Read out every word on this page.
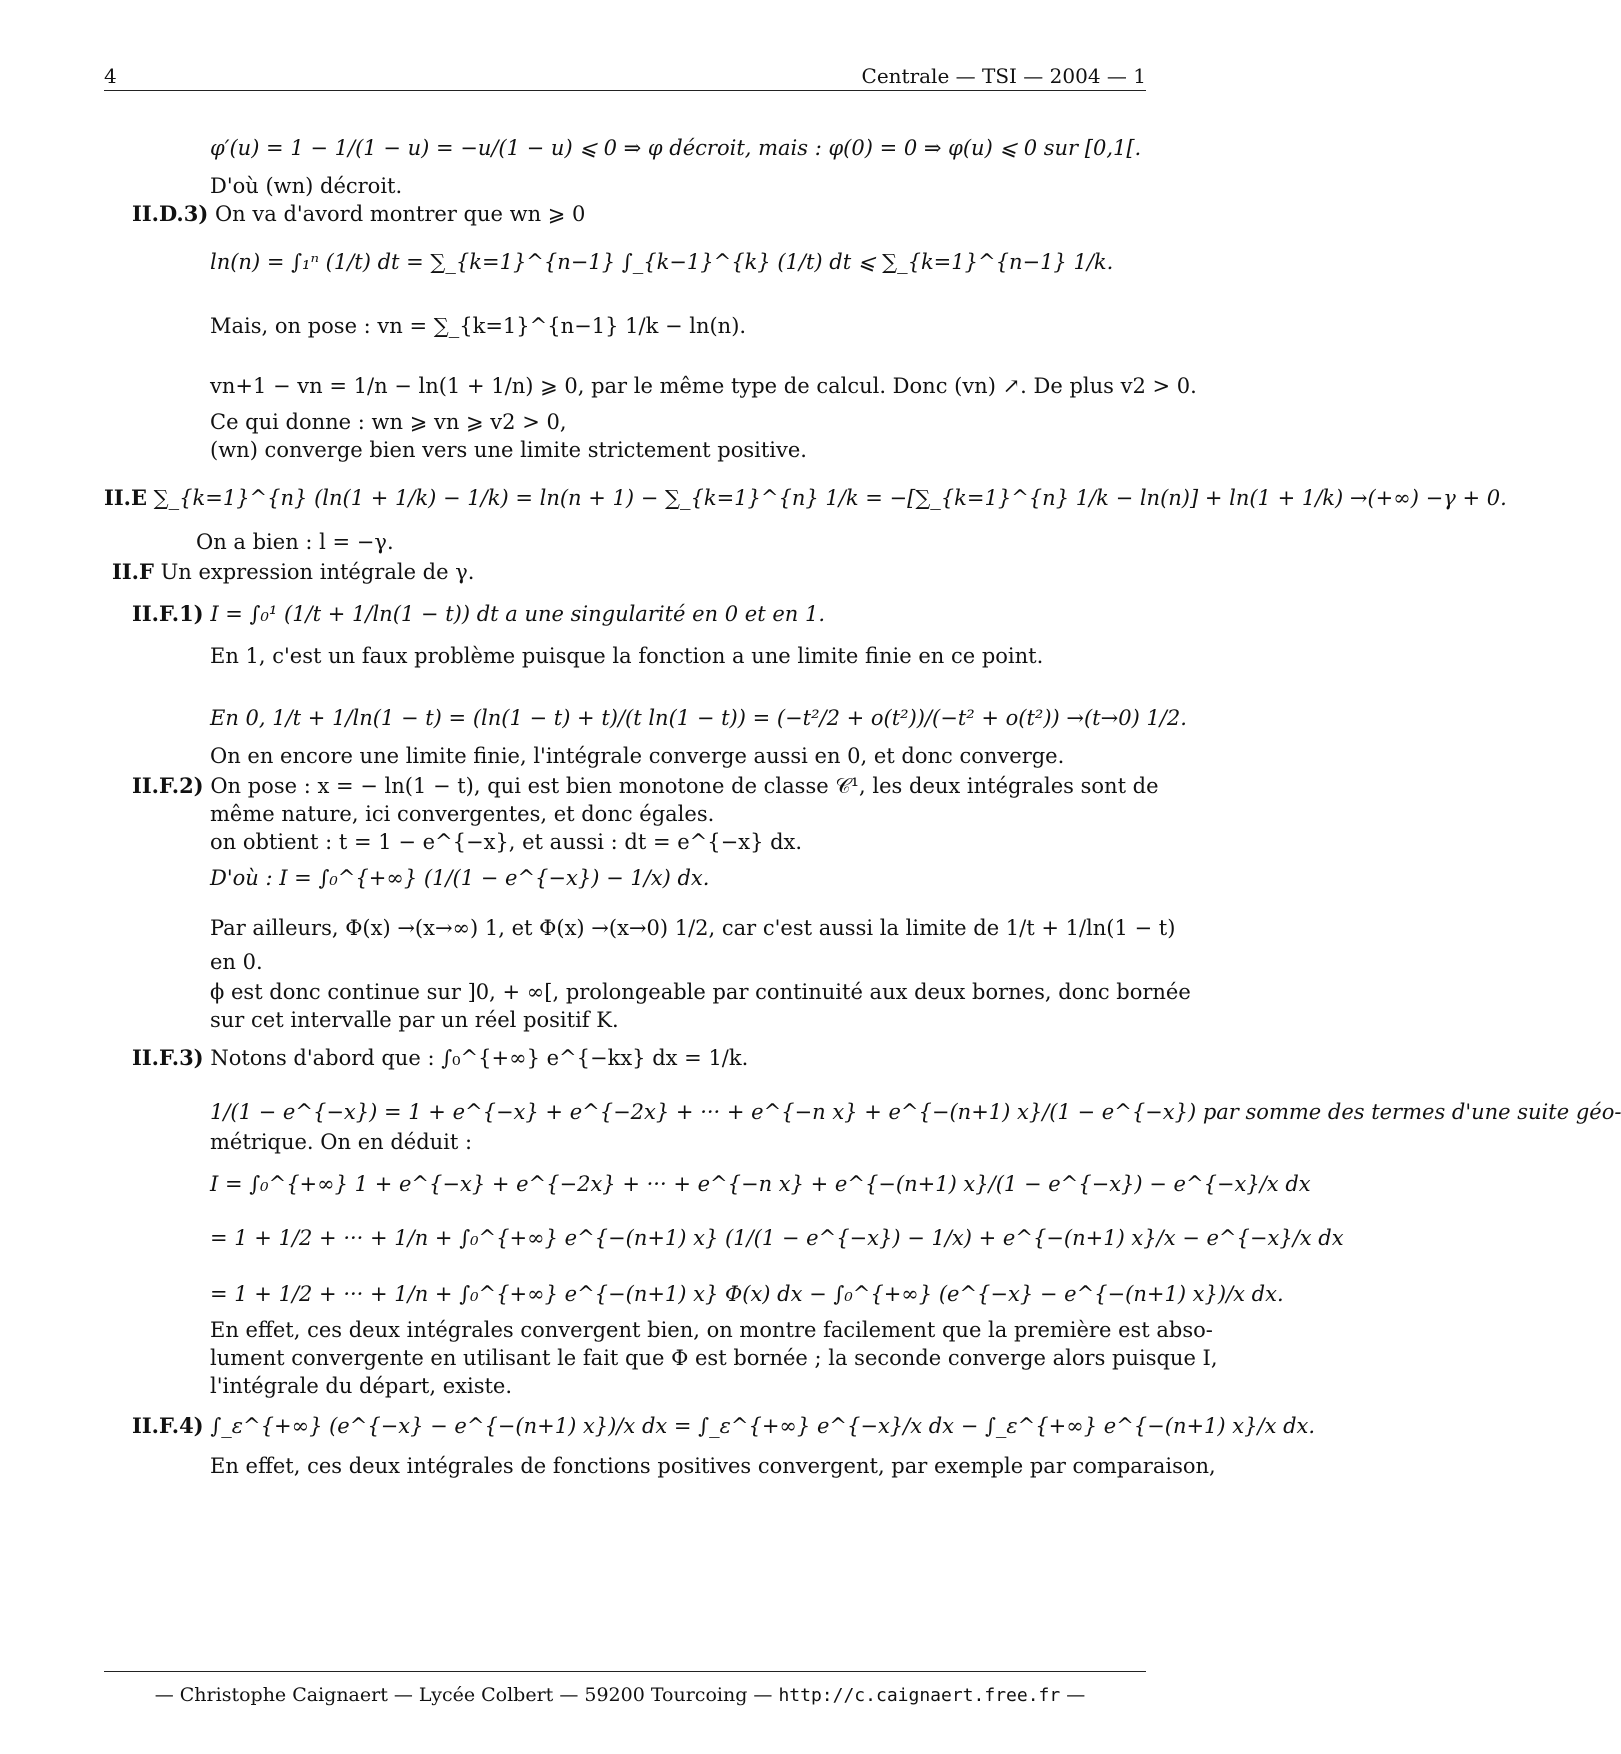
4	Centrale — TSI — 2004 — 1
φ′(u) = 1 − 1/(1 − u) = −u/(1 − u) ⩽ 0 ⇒ φ décroit, mais : φ(0) = 0 ⇒ φ(u) ⩽ 0 sur [0,1[.
D'où (wn) décroit.
II.D.3) On va d'avord montrer que wn ⩾ 0
ln(n) = ∫₁ⁿ (1/t) dt = ∑_{k=1}^{n−1} ∫_{k−1}^{k} (1/t) dt ⩽ ∑_{k=1}^{n−1} 1/k.
Mais, on pose : vn = ∑_{k=1}^{n−1} 1/k − ln(n).
vn+1 − vn = 1/n − ln(1 + 1/n) ⩾ 0, par le même type de calcul. Donc (vn) ↗. De plus v2 > 0.
Ce qui donne : wn ⩾ vn ⩾ v2 > 0,
(wn) converge bien vers une limite strictement positive.
II.E ∑_{k=1}^{n} (ln(1 + 1/k) − 1/k) = ln(n + 1) − ∑_{k=1}^{n} 1/k = −[∑_{k=1}^{n} 1/k − ln(n)] + ln(1 + 1/k) →(+∞) −γ + 0.
On a bien : l = −γ.
II.F Un expression intégrale de γ.
II.F.1) I = ∫₀¹ (1/t + 1/ln(1 − t)) dt a une singularité en 0 et en 1.
En 1, c'est un faux problème puisque la fonction a une limite finie en ce point.
En 0, 1/t + 1/ln(1 − t) = (ln(1 − t) + t)/(t ln(1 − t)) = (−t²/2 + o(t²))/(−t² + o(t²)) →(t→0) 1/2.
On en encore une limite finie, l'intégrale converge aussi en 0, et donc converge.
II.F.2) On pose : x = − ln(1 − t), qui est bien monotone de classe 𝒞¹, les deux intégrales sont de
même nature, ici convergentes, et donc égales.
on obtient : t = 1 − e^{−x}, et aussi : dt = e^{−x} dx.
D'où : I = ∫₀^{+∞} (1/(1 − e^{−x}) − 1/x) dx.
Par ailleurs, Φ(x) →(x→∞) 1, et Φ(x) →(x→0) 1/2, car c'est aussi la limite de 1/t + 1/ln(1 − t)
en 0.
ϕ est donc continue sur ]0, + ∞[, prolongeable par continuité aux deux bornes, donc bornée
sur cet intervalle par un réel positif K.
II.F.3) Notons d'abord que : ∫₀^{+∞} e^{−kx} dx = 1/k.
1/(1 − e^{−x}) = 1 + e^{−x} + e^{−2x} + ··· + e^{−n x} + e^{−(n+1) x}/(1 − e^{−x}) par somme des termes d'une suite géo-
métrique. On en déduit :
I = ∫₀^{+∞} 1 + e^{−x} + e^{−2x} + ··· + e^{−n x} + e^{−(n+1) x}/(1 − e^{−x}) − e^{−x}/x dx
= 1 + 1/2 + ··· + 1/n + ∫₀^{+∞} e^{−(n+1) x} (1/(1 − e^{−x}) − 1/x) + e^{−(n+1) x}/x − e^{−x}/x dx
= 1 + 1/2 + ··· + 1/n + ∫₀^{+∞} e^{−(n+1) x} Φ(x) dx − ∫₀^{+∞} (e^{−x} − e^{−(n+1) x})/x dx.
En effet, ces deux intégrales convergent bien, on montre facilement que la première est abso-
lument convergente en utilisant le fait que Φ est bornée ; la seconde converge alors puisque I,
l'intégrale du départ, existe.
II.F.4) ∫_ε^{+∞} (e^{−x} − e^{−(n+1) x})/x dx = ∫_ε^{+∞} e^{−x}/x dx − ∫_ε^{+∞} e^{−(n+1) x}/x dx.
En effet, ces deux intégrales de fonctions positives convergent, par exemple par comparaison,
— Christophe Caignaert — Lycée Colbert — 59200 Tourcoing — http://c.caignaert.free.fr —
